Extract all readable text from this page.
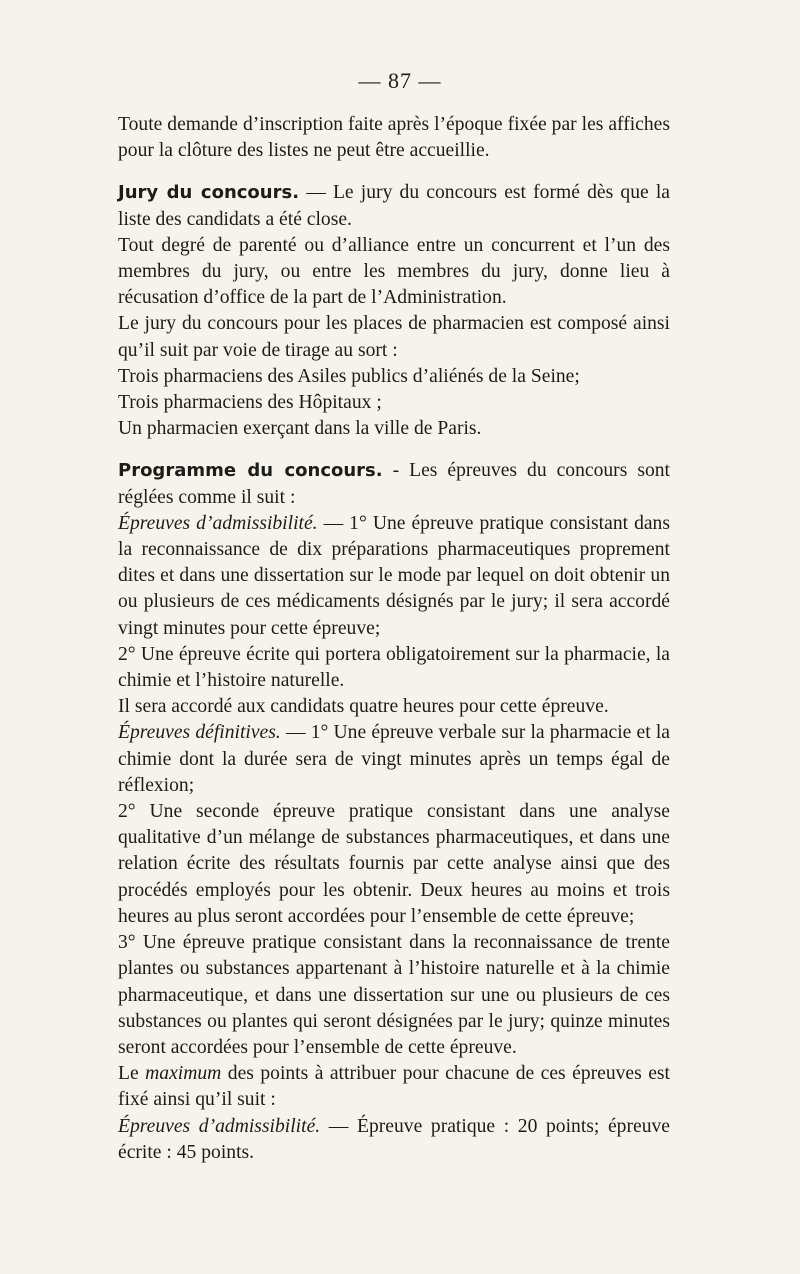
— 87 —

Toute demande d’inscription faite après l’époque fixée par les affiches pour la clôture des listes ne peut être accueillie.

Jury du concours. — Le jury du concours est formé dès que la liste des candidats a été close.

Tout degré de parenté ou d’alliance entre un concurrent et l’un des membres du jury, ou entre les membres du jury, donne lieu à récusation d’office de la part de l’Administration.

Le jury du concours pour les places de pharmacien est composé ainsi qu’il suit par voie de tirage au sort :

Trois pharmaciens des Asiles publics d’aliénés de la Seine;

Trois pharmaciens des Hôpitaux ;

Un pharmacien exerçant dans la ville de Paris.

Programme du concours. - Les épreuves du concours sont réglées comme il suit :

Épreuves d’admissibilité. — 1° Une épreuve pratique consistant dans la reconnaissance de dix préparations pharmaceutiques proprement dites et dans une dissertation sur le mode par lequel on doit obtenir un ou plusieurs de ces médicaments désignés par le jury; il sera accordé vingt minutes pour cette épreuve;

2° Une épreuve écrite qui portera obligatoirement sur la pharmacie, la chimie et l’histoire naturelle.

Il sera accordé aux candidats quatre heures pour cette épreuve.

Épreuves définitives. — 1° Une épreuve verbale sur la pharmacie et la chimie dont la durée sera de vingt minutes après un temps égal de réflexion;

2° Une seconde épreuve pratique consistant dans une analyse qualitative d’un mélange de substances pharmaceutiques, et dans une relation écrite des résultats fournis par cette analyse ainsi que des procédés employés pour les obtenir. Deux heures au moins et trois heures au plus seront accordées pour l’ensemble de cette épreuve;

3° Une épreuve pratique consistant dans la reconnaissance de trente plantes ou substances appartenant à l’histoire naturelle et à la chimie pharmaceutique, et dans une dissertation sur une ou plusieurs de ces substances ou plantes qui seront désignées par le jury; quinze minutes seront accordées pour l’ensemble de cette épreuve.

Le maximum des points à attribuer pour chacune de ces épreuves est fixé ainsi qu’il suit :

Épreuves d’admissibilité. — Épreuve pratique : 20 points; épreuve écrite : 45 points.
